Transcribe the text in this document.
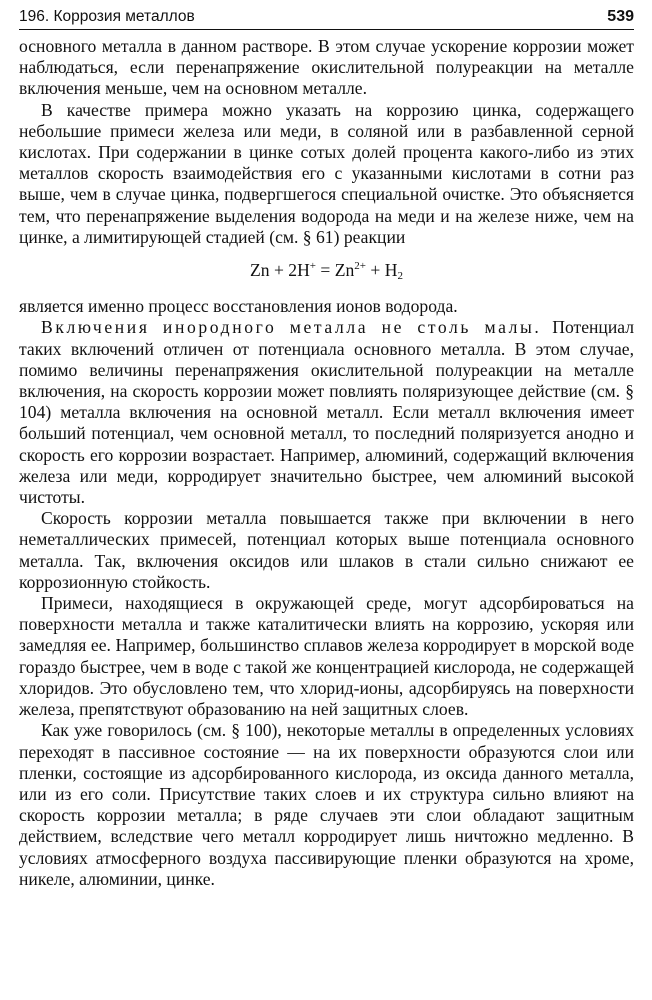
196. Коррозия металлов	539

основного металла в данном растворе. В этом случае ускорение коррозии может наблюдаться, если перенапряжение окислительной полуреакции на металле включения меньше, чем на основном металле.

В качестве примера можно указать на коррозию цинка, содержащего небольшие примеси железа или меди, в соляной или в разбавленной серной кислотах. При содержании в цинке сотых долей процента какого-либо из этих металлов скорость взаимодействия его с указанными кислотами в сотни раз выше, чем в случае цинка, подвергшегося специальной очистке. Это объясняется тем, что перенапряжение выделения водорода на меди и на железе ниже, чем на цинке, а лимитирующей стадией (см. § 61) реакции

$Zn + 2H^+ = Zn^{2+} + H_2$

является именно процесс восстановления ионов водорода.

Включения инородного металла не столь малы. Потенциал таких включений отличен от потенциала основного металла. В этом случае, помимо величины перенапряжения окислительной полуреакции на металле включения, на скорость коррозии может повлиять поляризующее действие (см. § 104) металла включения на основной металл. Если металл включения имеет больший потенциал, чем основной металл, то последний поляризуется анодно и скорость его коррозии возрастает. Например, алюминий, содержащий включения железа или меди, корродирует значительно быстрее, чем алюминий высокой чистоты.

Скорость коррозии металла повышается также при включении в него неметаллических примесей, потенциал которых выше потенциала основного металла. Так, включения оксидов или шлаков в стали сильно снижают ее коррозионную стойкость.

Примеси, находящиеся в окружающей среде, могут адсорбироваться на поверхности металла и также каталитически влиять на коррозию, ускоряя или замедляя ее. Например, большинство сплавов железа корродирует в морской воде гораздо быстрее, чем в воде с такой же концентрацией кислорода, не содержащей хлоридов. Это обусловлено тем, что хлорид-ионы, адсорбируясь на поверхности железа, препятствуют образованию на ней защитных слоев.

Как уже говорилось (см. § 100), некоторые металлы в определенных условиях переходят в пассивное состояние — на их поверхности образуются слои или пленки, состоящие из адсорбированного кислорода, из оксида данного металла, или из его соли. Присутствие таких слоев и их структура сильно влияют на скорость коррозии металла; в ряде случаев эти слои обладают защитным действием, вследствие чего металл корродирует лишь ничтожно медленно. В условиях атмосферного воздуха пассивирующие пленки образуются на хроме, никеле, алюминии, цинке.
